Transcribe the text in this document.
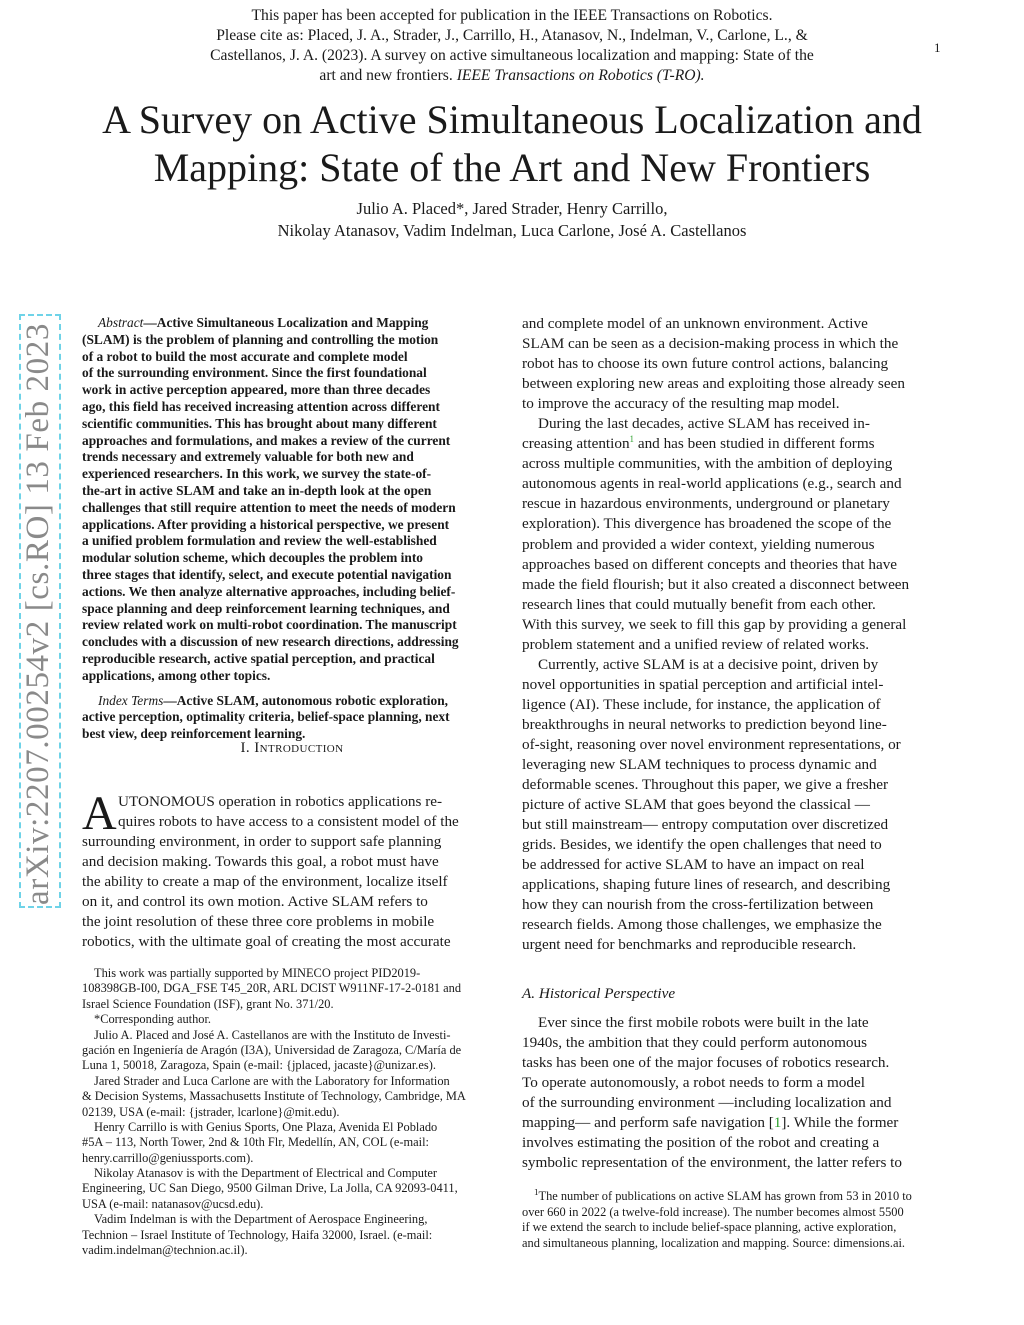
This paper has been accepted for publication in the IEEE Transactions on Robotics.
Please cite as: Placed, J. A., Strader, J., Carrillo, H., Atanasov, N., Indelman, V., Carlone, L., &
Castellanos, J. A. (2023). A survey on active simultaneous localization and mapping: State of the
art and new frontiers. IEEE Transactions on Robotics (T-RO).
1
A Survey on Active Simultaneous Localization and
Mapping: State of the Art and New Frontiers
Julio A. Placed*, Jared Strader, Henry Carrillo,
Nikolay Atanasov, Vadim Indelman, Luca Carlone, José A. Castellanos
arXiv:2207.00254v2 [cs.RO] 13 Feb 2023
Abstract—Active Simultaneous Localization and Mapping
(SLAM) is the problem of planning and controlling the motion
of a robot to build the most accurate and complete model
of the surrounding environment. Since the first foundational
work in active perception appeared, more than three decades
ago, this field has received increasing attention across different
scientific communities. This has brought about many different
approaches and formulations, and makes a review of the current
trends necessary and extremely valuable for both new and
experienced researchers. In this work, we survey the state-of-
the-art in active SLAM and take an in-depth look at the open
challenges that still require attention to meet the needs of modern
applications. After providing a historical perspective, we present
a unified problem formulation and review the well-established
modular solution scheme, which decouples the problem into
three stages that identify, select, and execute potential navigation
actions. We then analyze alternative approaches, including belief-
space planning and deep reinforcement learning techniques, and
review related work on multi-robot coordination. The manuscript
concludes with a discussion of new research directions, addressing
reproducible research, active spatial perception, and practical
applications, among other topics.
Index Terms—Active SLAM, autonomous robotic exploration,
active perception, optimality criteria, belief-space planning, next
best view, deep reinforcement learning.
I. Introduction
A UTONOMOUS operation in robotics applications re-
quires robots to have access to a consistent model of the
surrounding environment, in order to support safe planning
and decision making. Towards this goal, a robot must have
the ability to create a map of the environment, localize itself
on it, and control its own motion. Active SLAM refers to
the joint resolution of these three core problems in mobile
robotics, with the ultimate goal of creating the most accurate
This work was partially supported by MINECO project PID2019-
108398GB-I00, DGA_FSE T45_20R, ARL DCIST W911NF-17-2-0181 and
Israel Science Foundation (ISF), grant No. 371/20.
*Corresponding author.
Julio A. Placed and José A. Castellanos are with the Instituto de Investi-
gación en Ingeniería de Aragón (I3A), Universidad de Zaragoza, C/María de
Luna 1, 50018, Zaragoza, Spain (e-mail: {jplaced, jacaste}@unizar.es).
Jared Strader and Luca Carlone are with the Laboratory for Information
& Decision Systems, Massachusetts Institute of Technology, Cambridge, MA
02139, USA (e-mail: {jstrader, lcarlone}@mit.edu).
Henry Carrillo is with Genius Sports, One Plaza, Avenida El Poblado
#5A – 113, North Tower, 2nd & 10th Flr, Medellín, AN, COL (e-mail:
henry.carrillo@geniussports.com).
Nikolay Atanasov is with the Department of Electrical and Computer
Engineering, UC San Diego, 9500 Gilman Drive, La Jolla, CA 92093-0411,
USA (e-mail: natanasov@ucsd.edu).
Vadim Indelman is with the Department of Aerospace Engineering,
Technion – Israel Institute of Technology, Haifa 32000, Israel. (e-mail:
vadim.indelman@technion.ac.il).
and complete model of an unknown environment. Active
SLAM can be seen as a decision-making process in which the
robot has to choose its own future control actions, balancing
between exploring new areas and exploiting those already seen
to improve the accuracy of the resulting map model.
During the last decades, active SLAM has received in-
creasing attention$^1$ and has been studied in different forms
across multiple communities, with the ambition of deploying
autonomous agents in real-world applications (e.g., search and
rescue in hazardous environments, underground or planetary
exploration). This divergence has broadened the scope of the
problem and provided a wider context, yielding numerous
approaches based on different concepts and theories that have
made the field flourish; but it also created a disconnect between
research lines that could mutually benefit from each other.
With this survey, we seek to fill this gap by providing a general
problem statement and a unified review of related works.
Currently, active SLAM is at a decisive point, driven by
novel opportunities in spatial perception and artificial intel-
ligence (AI). These include, for instance, the application of
breakthroughs in neural networks to prediction beyond line-
of-sight, reasoning over novel environment representations, or
leveraging new SLAM techniques to process dynamic and
deformable scenes. Throughout this paper, we give a fresher
picture of active SLAM that goes beyond the classical —
but still mainstream— entropy computation over discretized
grids. Besides, we identify the open challenges that need to
be addressed for active SLAM to have an impact on real
applications, shaping future lines of research, and describing
how they can nourish from the cross-fertilization between
research fields. Among those challenges, we emphasize the
urgent need for benchmarks and reproducible research.
A. Historical Perspective
Ever since the first mobile robots were built in the late
1940s, the ambition that they could perform autonomous
tasks has been one of the major focuses of robotics research.
To operate autonomously, a robot needs to form a model
of the surrounding environment —including localization and
mapping— and perform safe navigation [1]. While the former
involves estimating the position of the robot and creating a
symbolic representation of the environment, the latter refers to
$^1$The number of publications on active SLAM has grown from 53 in 2010 to
over 660 in 2022 (a twelve-fold increase). The number becomes almost 5500
if we extend the search to include belief-space planning, active exploration,
and simultaneous planning, localization and mapping. Source: dimensions.ai.
